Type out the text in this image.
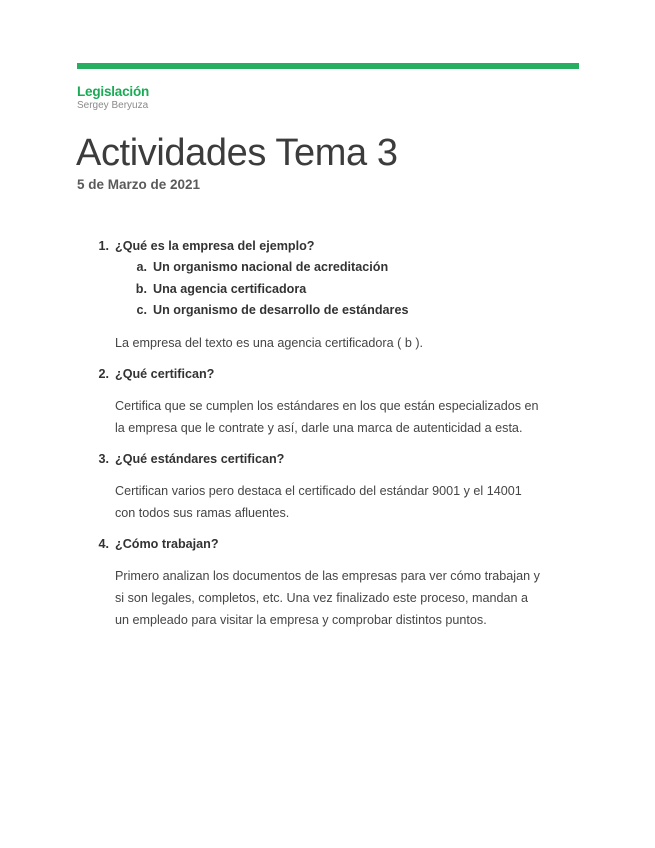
Legislación
Sergey Beryuza
Actividades Tema 3
5 de Marzo de 2021
1. ¿Qué es la empresa del ejemplo?
a. Un organismo nacional de acreditación
b. Una agencia certificadora
c. Un organismo de desarrollo de estándares
La empresa del texto es una agencia certificadora ( b ).
2. ¿Qué certifican?
Certifica que se cumplen los estándares en los que están especializados en
la empresa que le contrate y así, darle una marca de autenticidad a esta.
3. ¿Qué estándares certifican?
Certifican varios pero destaca el certificado del estándar 9001 y el 14001
con todos sus ramas afluentes.
4. ¿Cómo trabajan?
Primero analizan los documentos de las empresas para ver cómo trabajan y
si son legales, completos, etc. Una vez finalizado este proceso, mandan a
un empleado para visitar la empresa y comprobar distintos puntos.
